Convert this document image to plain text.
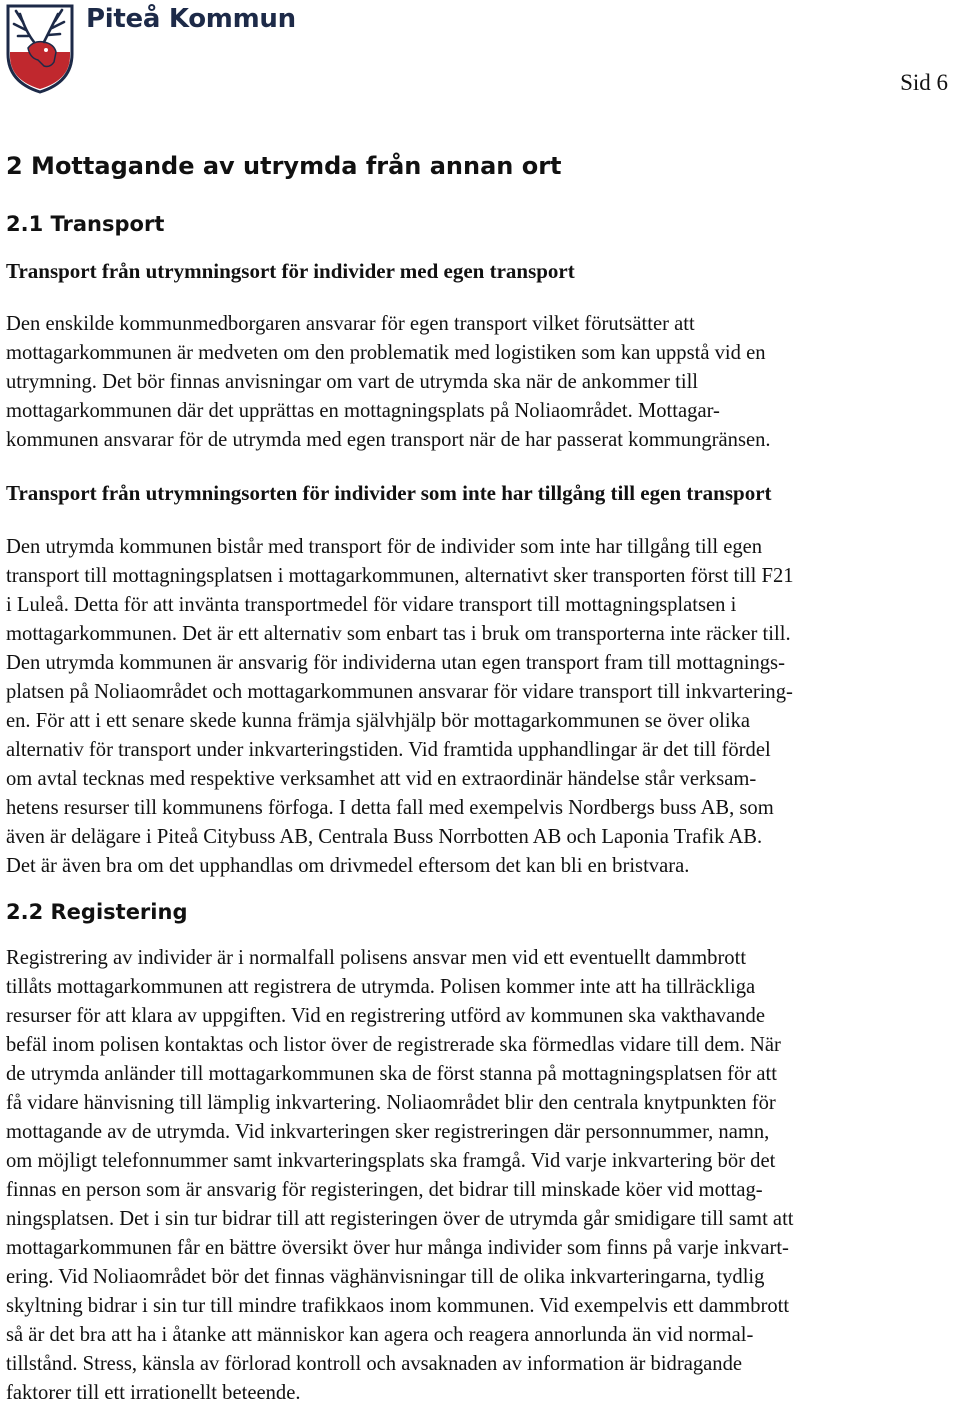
Piteå Kommun
Sid 6
2 Mottagande av utrymda från annan ort
2.1 Transport
Transport från utrymningsort för individer med egen transport
Den enskilde kommunmedborgaren ansvarar för egen transport vilket förutsätter att
mottagarkommunen är medveten om den problematik med logistiken som kan uppstå vid en
utrymning. Det bör finnas anvisningar om vart de utrymda ska när de ankommer till
mottagarkommunen där det upprättas en mottagningsplats på Noliaområdet. Mottagar-
kommunen ansvarar för de utrymda med egen transport när de har passerat kommungränsen.
Transport från utrymningsorten för individer som inte har tillgång till egen transport
Den utrymda kommunen bistår med transport för de individer som inte har tillgång till egen
transport till mottagningsplatsen i mottagarkommunen, alternativt sker transporten först till F21
i Luleå. Detta för att invänta transportmedel för vidare transport till mottagningsplatsen i
mottagarkommunen. Det är ett alternativ som enbart tas i bruk om transporterna inte räcker till.
Den utrymda kommunen är ansvarig för individerna utan egen transport fram till mottagnings-
platsen på Noliaområdet och mottagarkommunen ansvarar för vidare transport till inkvartering-
en. För att i ett senare skede kunna främja självhjälp bör mottagarkommunen se över olika
alternativ för transport under inkvarteringstiden. Vid framtida upphandlingar är det till fördel
om avtal tecknas med respektive verksamhet att vid en extraordinär händelse står verksam-
hetens resurser till kommunens förfoga. I detta fall med exempelvis Nordbergs buss AB, som
även är delägare i Piteå Citybuss AB, Centrala Buss Norrbotten AB och Laponia Trafik AB.
Det är även bra om det upphandlas om drivmedel eftersom det kan bli en bristvara.
2.2 Registering
Registrering av individer är i normalfall polisens ansvar men vid ett eventuellt dammbrott
tillåts mottagarkommunen att registrera de utrymda. Polisen kommer inte att ha tillräckliga
resurser för att klara av uppgiften. Vid en registrering utförd av kommunen ska vakthavande
befäl inom polisen kontaktas och listor över de registrerade ska förmedlas vidare till dem. När
de utrymda anländer till mottagarkommunen ska de först stanna på mottagningsplatsen för att
få vidare hänvisning till lämplig inkvartering. Noliaområdet blir den centrala knytpunkten för
mottagande av de utrymda. Vid inkvarteringen sker registreringen där personnummer, namn,
om möjligt telefonnummer samt inkvarteringsplats ska framgå. Vid varje inkvartering bör det
finnas en person som är ansvarig för registeringen, det bidrar till minskade köer vid mottag-
ningsplatsen. Det i sin tur bidrar till att registeringen över de utrymda går smidigare till samt att
mottagarkommunen får en bättre översikt över hur många individer som finns på varje inkvart-
ering. Vid Noliaområdet bör det finnas väghänvisningar till de olika inkvarteringarna, tydlig
skyltning bidrar i sin tur till mindre trafikkaos inom kommunen. Vid exempelvis ett dammbrott
så är det bra att ha i åtanke att människor kan agera och reagera annorlunda än vid normal-
tillstånd. Stress, känsla av förlorad kontroll och avsaknaden av information är bidragande
faktorer till ett irrationellt beteende.
